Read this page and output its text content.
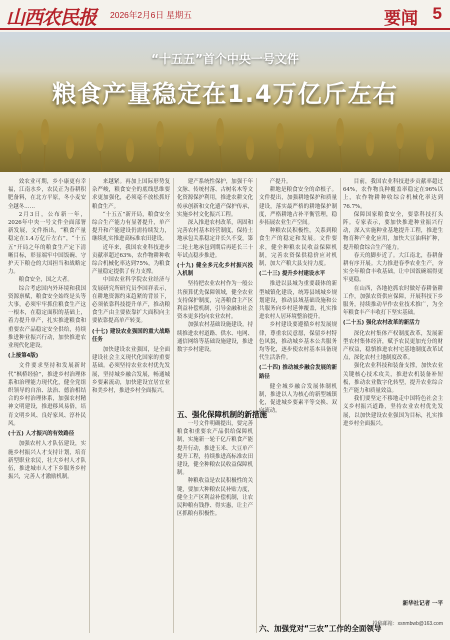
山西农民报 2026年2月6日 星期五	要闻 5
“十五五”首个中央一号文件
粮食产量稳定在1.4万亿斤左右

效农业可期，乡小康更有幸福，江南水乡，农民正为春耕积肥备料，在北方平原，冬小麦安全越冬……

2月3日，公布新一年，2026年中央一号文件全面部署新发展，文件指出，“粮食产量稳定在1.4万亿斤左右”，“十五五”开局之年的粮食生产定下清晰目标，彰显端牢中国饭碗、守护天下粮仓的大国担当和战略定力。

粮食安全，国之大者。

综合考虑国内外环境和我国资源禀赋，粮食安全始终是头等大事，必须牢牢抓住粮食生产这一根本，在稳定面积的基础上，着力提升单产，扎实推进粮食和重要农产品稳定安全供给，持续推进种业振兴行动，加快推进农业现代化建设。

(上接第4版)

文件要求坚持和发展新时代“枫桥经验”，推进乡村治理体系和治理能力现代化，健全党组织领导的自治、法治、德治相结合的乡村治理体系，加强农村精神文明建设，推进移风易俗，培育文明乡风、良好家风、淳朴民风。

(十五) 人才振兴的有效路径

加强农村人才队伍建设，实施乡村振兴人才支持计划，培育新型职业农民，壮大乡村人才队伍，推进城市人才下乡服务乡村振兴，完善人才激励机制。

来越紧。再加上国际形势复杂严峻，粮食安全的底线思维要求更加强化，必须毫不放松抓好粮食生产。

“十五五”新开局，粮食安全综合生产能力有显著提升，单产提升和产能建设仍需持续发力，继续扎实推进高标准农田建设。

近年来，我国农业科技进步贡献率超过63%，农作物耕种收综合机械化率达到75%，为粮食产量稳定提供了有力支撑。

中国农业科学院农业经济与发展研究所研究员李国祥表示，在耕地资源约束趋紧的背景下，必须依靠科技提升单产，推动粮食生产由主要依靠扩大面积向主要依靠提高单产转变。

(十七) 建设农业强国的重大战略任务

加快建设农业强国，是全面建设社会主义现代化国家的重要基础。必须坚持农业农村优先发展，坚持城乡融合发展，畅通城乡要素流动，加快建设宜居宜业和美乡村，推进乡村全面振兴。

建产系统性保护，加强千年文脉、传统村落、古树名木等文化资源保护利用，推进农耕文化传承创新和文化遗产保护传承，实施乡村文化振兴工程。

深入推进农村改革，巩固和完善农村基本经营制度，保持土地承包关系稳定并长久不变，第二轮土地承包到期后再延长三十年试点稳步推进。

(十九) 健全多元化乡村振兴投入机制

坚持把农业农村作为一般公共预算优先保障领域，健全农业支持保护制度，完善粮食主产区利益补偿机制，引导金融和社会资本更多投向农业农村。

加强农村基础设施建设，持续推进农村道路、供水、电网、通信网络等基础设施建设，推进数字乡村建设。

五、强化保障机制的新措施

一号文件明确提出，要完善粮食和重要农产品供给保障机制，实施新一轮千亿斤粮食产能提升行动，推进玉米、大豆单产提升工程，持续推进高标准农田建设，健全种粮农民收益保障机制。

种粮收益是农民积极性的关键，要加大种粮农民补贴力度，健全主产区利益补偿机制，让农民种粮有钱挣、得实惠，让主产区抓粮有积极性。

产提升。

耕地是粮食安全的命根子。文件提出，加强耕地保护和质量建设，落实最严格的耕地保护制度，严格耕地占补平衡管理，稳步拓展农业生产空间。

种粮农民积极性，关系到粮食生产的稳定和发展。文件要求，健全种粮农民收益保障机制，完善农资保供稳价应对机制，加大产粮大县支持力度。

(二十三) 提升乡村建设水平

推进以县城为重要载体的新型城镇化建设，统筹县域城乡规划建设，推动县域基础设施和公共服务向乡村延伸覆盖，扎实推进农村人居环境整治提升。

乡村建设要遵循乡村发展规律，尊重农民意愿，保留乡村特色风貌，推动城乡基本公共服务均等化，逐步使农村基本具备现代生活条件。

(二十四) 推动城乡融合发展的新路径

健全城乡融合发展体制机制，推进以人为核心的新型城镇化，促进城乡要素平等交换、双向流动。

六、加强党对“三农”工作的全面领导

目前，我国农业科技进步贡献率超过64%，农作物良种覆盖率稳定在96%以上，农作物耕种收综合机械化率达到76.7%。

保障国家粮食安全，要靠科技打头阵。专家表示，要加快推进种业振兴行动，深入实施种业基地提升工程，推进生物育种产业化应用，加快大豆油料扩种，提升粮食综合生产能力。

春天的脚步近了。大江南北，春耕备耕有序开展。大力推进春季农业生产，夯实全年粮食丰收基础，让中国饭碗端得更牢更稳。

在山西，各地抢抓农时做好春耕备耕工作，加强农资供应保障，开展科技下乡服务，持续推动旱作农业技术推广，为全年粮食丰产丰收打下坚实基础。

(二十五) 强化农村改革的新活力

深化农村集体产权制度改革，发展新型农村集体经济，赋予农民更加充分的财产权益，稳慎推进农村宅基地制度改革试点，深化农村土地制度改革。

强化农业科技和装备支撑，加快农业关键核心技术攻关，推进农机装备补短板，推动农业数字化转型，提升农业综合生产能力和质量效益。

我们要坚定不移地走中国特色社会主义乡村振兴道路，坚持农业农村优先发展，以加快建设农业强国为目标，扎实推进乡村全面振兴。

新华社记者 一平
投稿邮箱：xsnmbwb@163.com
